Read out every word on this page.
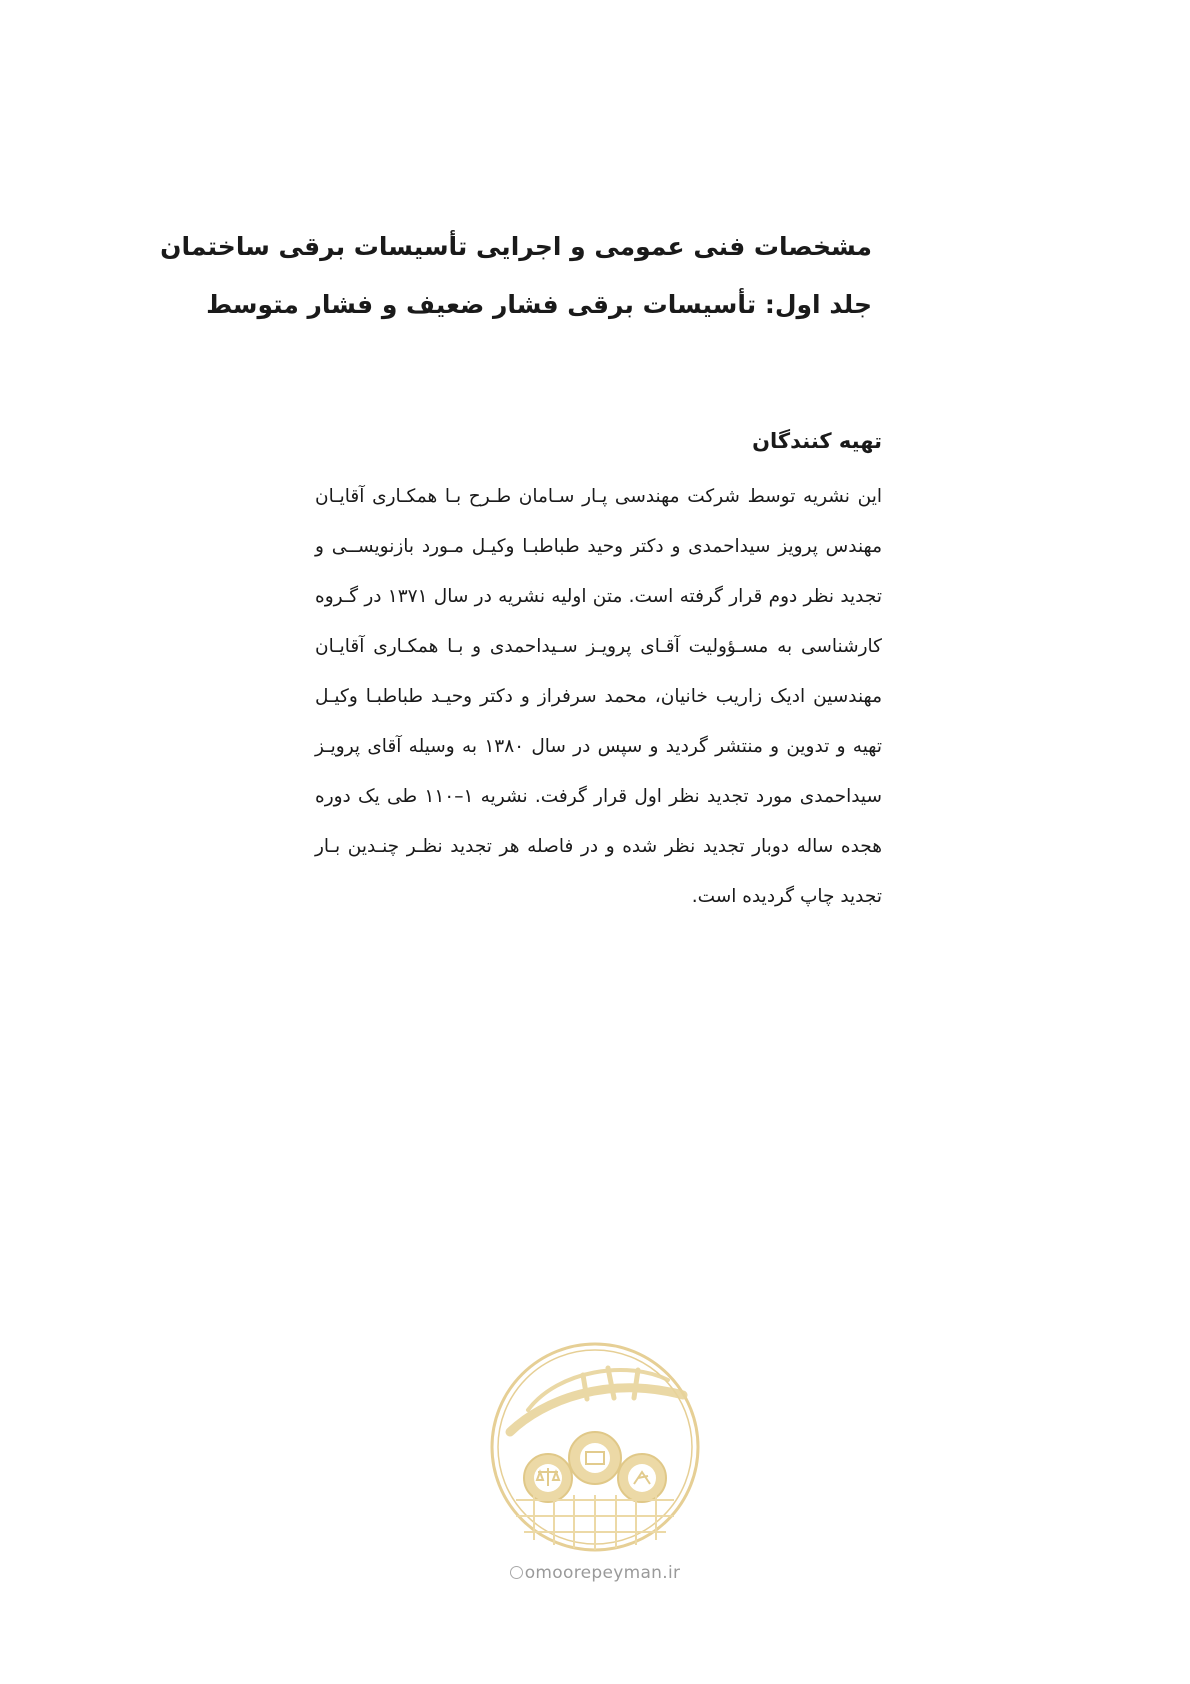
مشخصات فنی عمومی و اجرایی تأسیسات برقی ساختمان
جلد اول: تأسیسات برقی فشار ضعیف و فشار متوسط
تهیه کنندگان

این نشریه توسط شرکت مهندسی پـار سـامان طـرح بـا همکـاری آقایـان مهندس پرویز سیداحمدی و دکتر وحید طباطبـا وکیـل مـورد بازنویســی و تجدید نظر دوم قرار گرفته است. متن اولیه نشریه در سال ۱۳۷۱ در گـروه کارشناسی به مسـؤولیت آقـای پرویـز سـیداحمدی و بـا همکـاری آقایـان مهندسین ادیک زاریب خانیان، محمد سرفراز و دکتر وحیـد طباطبـا وکیـل تهیه و تدوین و منتشر گردید و سپس در سال ۱۳۸۰ به وسیله آقای پرویـز سیداحمدی مورد تجدید نظر اول قرار گرفت. نشریه ۱–۱۱۰ طی یک دوره هجده ساله دوبار تجدید نظر شده و در فاصله هر تجدید نظـر چنـدین بـار تجدید چاپ گردیده است.

omoorepeyman.ir
